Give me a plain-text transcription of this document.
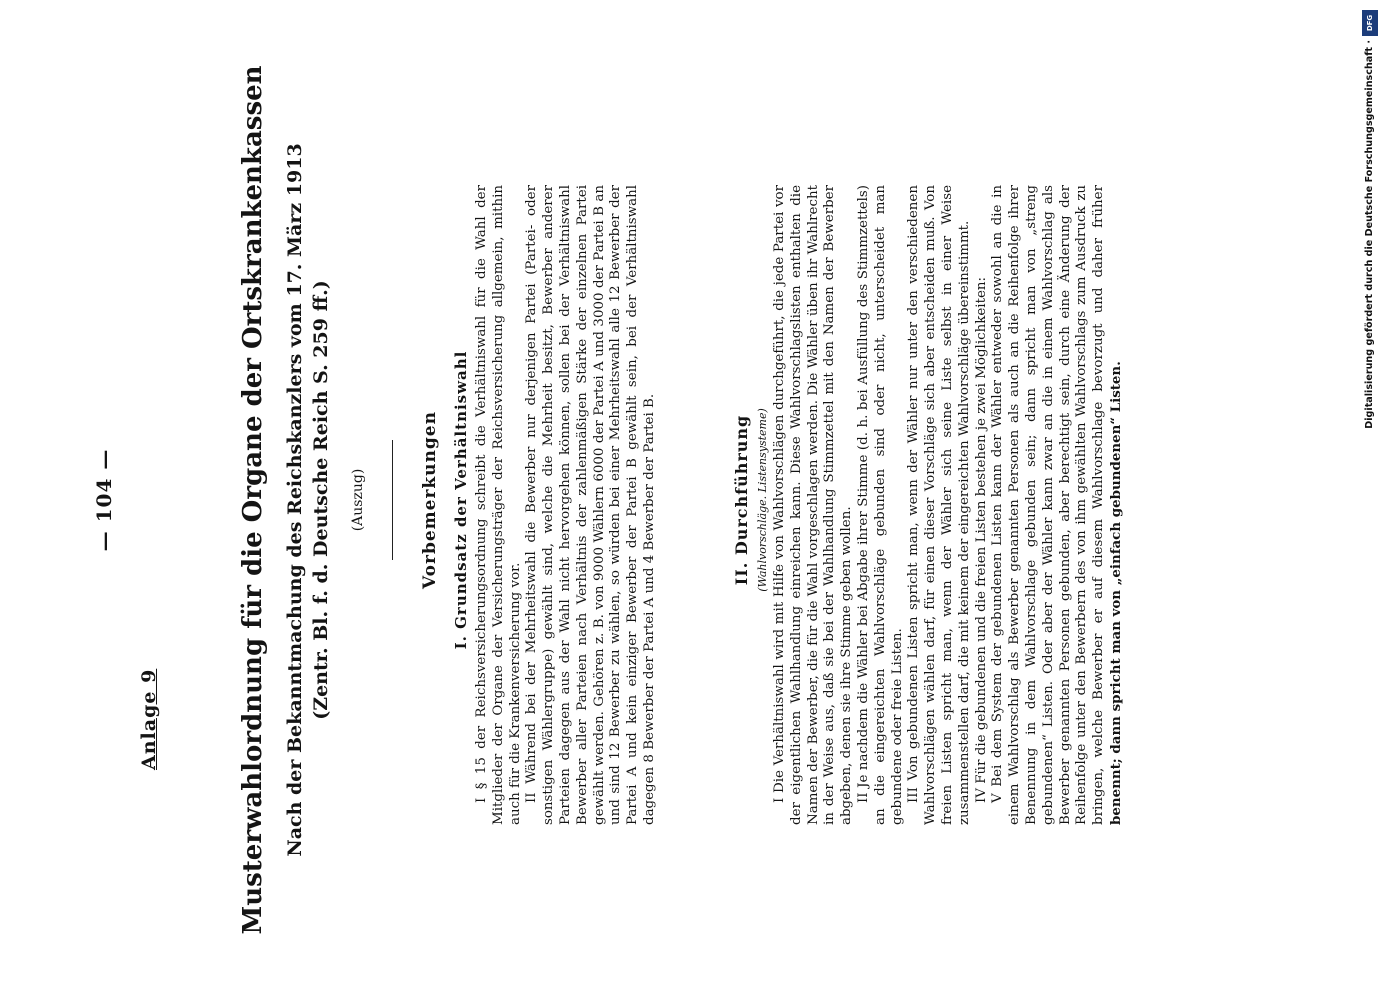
— 104 —
Anlage 9	Musterwahlordnung für die Organe der Ortskrankenkassen Nach der Bekanntmachung des Reichskanzlers vom 17. März 1913 (Zentr. Bl. f. d. Deutsche Reich S. 259 ff.) (Auszug)	Vorbemerkungen I. Grundsatz der Verhältniswahl

I § 15 der Reichsversicherungsordnung schreibt die Verhältniswahl für die Wahl der Mitglieder der Organe der Versicherungsträger der Reichsversicherung allgemein, mithin auch für die Krankenversicherung vor. II Während bei der Mehrheitswahl die Bewerber nur derjenigen Partei (Partei- oder sonstigen Wählergruppe) gewählt sind, welche die Mehrheit besitzt, Bewerber anderer Parteien dagegen aus der Wahl nicht hervorgehen können, sollen bei der Verhältniswahl Bewerber aller Parteien nach Verhältnis der zahlenmäßigen Stärke der einzelnen Partei gewählt werden. Gehören z. B. von 9000 Wählern 6000 der Partei A und 3000 der Partei B an und sind 12 Bewerber zu wählen, so würden bei einer Mehrheitswahl alle 12 Bewerber der Partei A und kein einziger Bewerber der Partei B gewählt sein, bei der Verhältniswahl dagegen 8 Bewerber der Partei A und 4 Bewerber der Partei B.	II. Durchführung (Wahlvorschläge. Listensysteme)

I Die Verhältniswahl wird mit Hilfe von Wahlvorschlägen durchgeführt, die jede Partei vor der eigentlichen Wahlhandlung einreichen kann. Diese Wahlvorschlagslisten enthalten die Namen der Bewerber, die für die Wahl vorgeschlagen werden. Die Wähler üben ihr Wahlrecht in der Weise aus, daß sie bei der Wahlhandlung Stimmzettel mit den Namen der Bewerber abgeben, denen sie ihre Stimme geben wollen. II Je nachdem die Wähler bei Abgabe ihrer Stimme (d. h. bei Ausfüllung des Stimmzettels) an die eingereichten Wahlvorschläge gebunden sind oder nicht, unterscheidet man gebundene oder freie Listen. III Von gebundenen Listen spricht man, wenn der Wähler nur unter den verschiedenen Wahlvorschlägen wählen darf, für einen dieser Vorschläge sich aber entscheiden muß. Von freien Listen spricht man, wenn der Wähler sich seine Liste selbst in einer Weise zusammenstellen darf, die mit keinem der eingereichten Wahlvorschläge übereinstimmt. IV Für die gebundenen und die freien Listen bestehen je zwei Möglichkeiten:

V Bei dem System der gebundenen Listen kann der Wähler entweder sowohl an die in einem Wahlvorschlag als Bewerber genannten Personen als auch an die Reihenfolge ihrer Benennung in dem Wahlvorschlage gebunden sein; dann spricht man von „streng gebundenen“ Listen. Oder aber der Wähler kann zwar an die in einem Wahlvorschlag als Bewerber genannten Personen gebunden, aber berechtigt sein, durch eine Änderung der Reihenfolge unter den Bewerbern des von ihm gewählten Wahlvorschlags zum Ausdruck zu bringen, welche Bewerber er auf diesem Wahlvorschlage bevorzugt und daher früher benennt; dann spricht man von „einfach gebundenen“ Listen.

DFG
Digitalisierung gefördert durch die Deutsche Forschungsgemeinschaft ·
